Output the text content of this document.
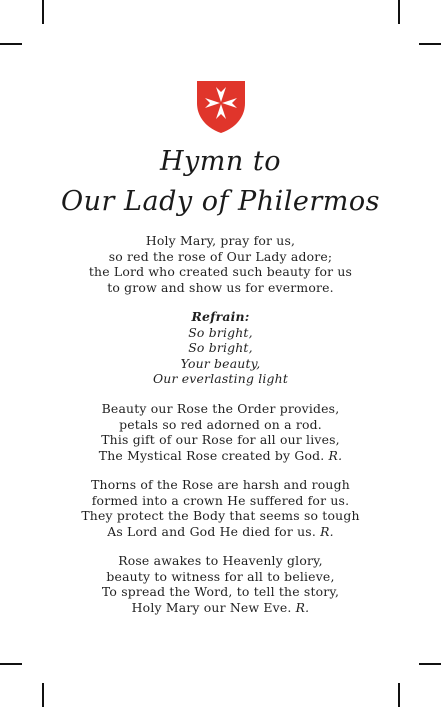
Hymn to
Our Lady of Philermos
Holy Mary, pray for us,
so red the rose of Our Lady adore;
the Lord who created such beauty for us
to grow and show us for evermore.
Refrain:
So bright,
So bright,
Your beauty,
Our everlasting light
Beauty our Rose the Order provides,
petals so red adorned on a rod.
This gift of our Rose for all our lives,
The Mystical Rose created by God. R.
Thorns of the Rose are harsh and rough
formed into a crown He suffered for us.
They protect the Body that seems so tough
As Lord and God He died for us. R.
Rose awakes to Heavenly glory,
beauty to witness for all to believe,
To spread the Word, to tell the story,
Holy Mary our New Eve. R.
